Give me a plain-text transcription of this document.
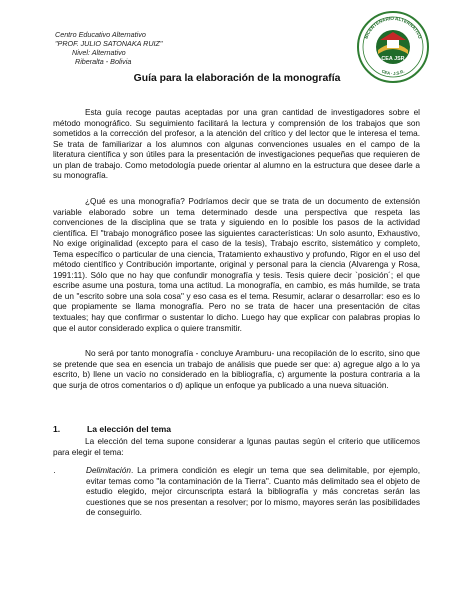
Centro Educativo Alternativo
"PROF. JULIO SATONAKA RUIZ"
Nivel: Alternativo
Riberalta - Bolivia
BICENTENARIO ALTERNATIVO
CEA · J.S.R.
CEA JSR
Guía para la elaboración de la monografía
Esta guía recoge pautas aceptadas por una gran cantidad de investigadores sobre el método monográfico. Su seguimiento facilitará la lectura y comprensión de los trabajos que son sometidos a la corrección del profesor, a la atención del crítico y del lector que le interesa el tema. Se trata de familiarizar a los alumnos con algunas convenciones usuales en el campo de la literatura científica y son útiles para la presentación de investigaciones pequeñas que requieren de un plan de trabajo. Como metodología puede orientar al alumno en la estructura que desee darle a su monografía.
¿Qué es una monografía? Podríamos decir que se trata de un documento de extensión variable elaborado sobre un tema determinado desde una perspectiva que respeta las convenciones de la disciplina que se trata y siguiendo en lo posible los pasos de la actividad científica. El "trabajo monográfico posee las siguientes características: Un solo asunto, Exhaustivo, No exige originalidad (excepto para el caso de la tesis), Trabajo escrito, sistemático y completo, Tema específico o particular de una ciencia, Tratamiento exhaustivo y profundo, Rigor en el uso del método científico y Contribución importante, original y personal para la ciencia (Alvarenga y Rosa, 1991:11). Sólo que no hay que confundir monografía y tesis. Tesis quiere decir `posición´; el que escribe asume una postura, toma una actitud. La monografía, en cambio, es más humilde, se trata de un "escrito sobre una sola cosa" y eso casa es el tema. Resumir, aclarar o desarrollar: eso es lo que propiamente se llama monografía. Pero no se trata de hacer una presentación de citas textuales; hay que confirmar o sustentar lo dicho. Luego hay que explicar con palabras propias lo que el autor considerado explica o quiere transmitir.
No será por tanto monografía - concluye Aramburu- una recopilación de lo escrito, sino que se pretende que sea en esencia un trabajo de análisis que puede ser que: a) agregue algo a lo ya escrito, b) llene un vacío no considerado en la bibliografía, c) argumente la postura contraria a la que surja de otros comentarios o d) aplique un enfoque ya publicado a una nueva situación.
1.	La elección del tema
La elección del tema supone considerar a lgunas pautas según el criterio que utilicemos para elegir el tema:
·	Delimitación. La primera condición es elegir un tema que sea delimitable, por ejemplo, evitar temas como "la contaminación de la Tierra". Cuanto más delimitado sea el objeto de estudio elegido, mejor circunscripta estará la bibliografía y más concretas serán las cuestiones que se nos presentan a resolver; por lo mismo, mayores serán las posibilidades de conseguirlo.
